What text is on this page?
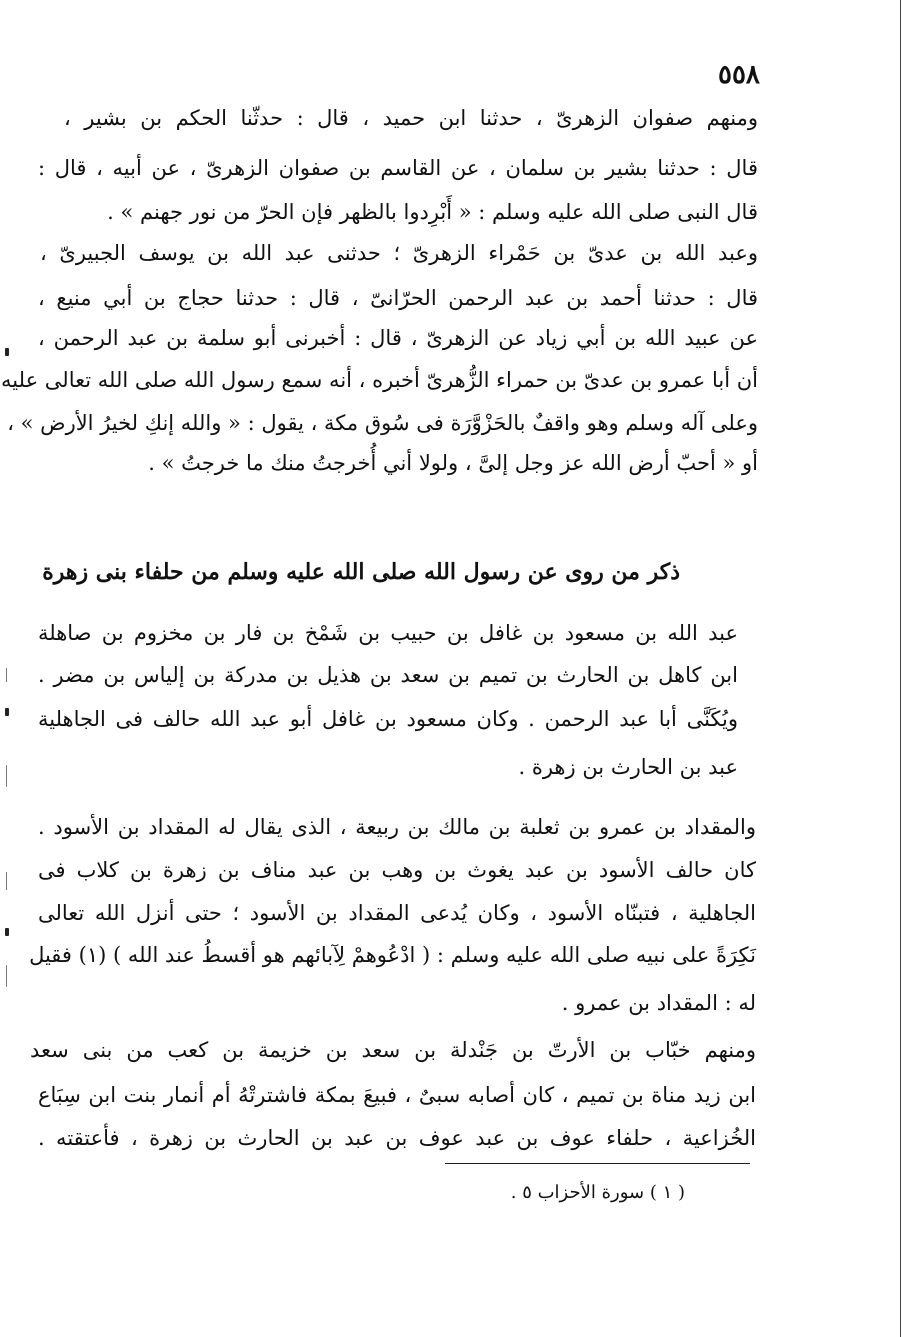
٥٥٨
ومنهم صفوان الزهرىّ ، حدثنا ابن حميد ، قال : حدثّنا الحكم بن بشير ،
قال : حدثنا بشير بن سلمان ، عن القاسم بن صفوان الزهرىّ ، عن أبيه ، قال :
قال النبى صلى الله عليه وسلم : « أَبْرِدوا بالظهر فإن الحرّ من نور جهنم » .
وعبد الله بن عدىّ بن حَمْراء الزهرىّ ؛ حدثنى عبد الله بن يوسف الجبيرىّ ،
قال : حدثنا أحمد بن عبد الرحمن الحرّانىّ ، قال : حدثنا حجاج بن أبي منيع ،
عن عبيد الله بن أبي زياد عن الزهرىّ ، قال : أخبرنى أبو سلمة بن عبد الرحمن ،
أن أبا عمرو بن عدىّ بن حمراء الزُّهرىّ أخبره ، أنه سمع رسول الله صلى الله تعالى عليه
وعلى آله وسلم وهو واقفٌ بالحَزْوَّرَة فى سُوق مكة ، يقول : « والله إنكِ لخيرُ الأرض » ،
أو « أحبّ أرض الله عز وجل إلىَّ ، ولولا أني أُخرجتُ منك ما خرجتُ » .
ذكر من روى عن رسول الله صلى الله عليه وسلم من حلفاء بنى زهرة
عبد الله بن مسعود بن غافل بن حبيب بن شَمْخ بن فار بن مخزوم بن صاهلة
ابن كاهل بن الحارث بن تميم بن سعد بن هذيل بن مدركة بن إلياس بن مضر .
ويُكَنَّى أبا عبد الرحمن . وكان مسعود بن غافل أبو عبد الله حالف فى الجاهلية
عبد بن الحارث بن زهرة .
والمقداد بن عمرو بن ثعلبة بن مالك بن ربيعة ، الذى يقال له المقداد بن الأسود .
كان حالف الأسود بن عبد يغوث بن وهب بن عبد مناف بن زهرة بن كلاب فى
الجاهلية ، فتبنّاه الأسود ، وكان يُدعى المقداد بن الأسود ؛ حتى أنزل الله تعالى
نَكِرَةً على نبيه صلى الله عليه وسلم : ( ادْعُوهمْ لِآبائهم هو أقسطُ عند الله ) (١) فقيل
له : المقداد بن عمرو .
ومنهم خبّاب بن الأرتّ بن جَنْدلة بن سعد بن خزيمة بن كعب من بنى سعد
ابن زيد مناة بن تميم ، كان أصابه سبىٌ ، فبيعَ بمكة فاشترتْهُ أم أنمار بنت ابن سِبَاع
الخُزاعية ، حلفاء عوف بن عبد عوف بن عبد بن الحارث بن زهرة ، فأعتقته .
( ١ ) سورة الأحزاب ٥ .
